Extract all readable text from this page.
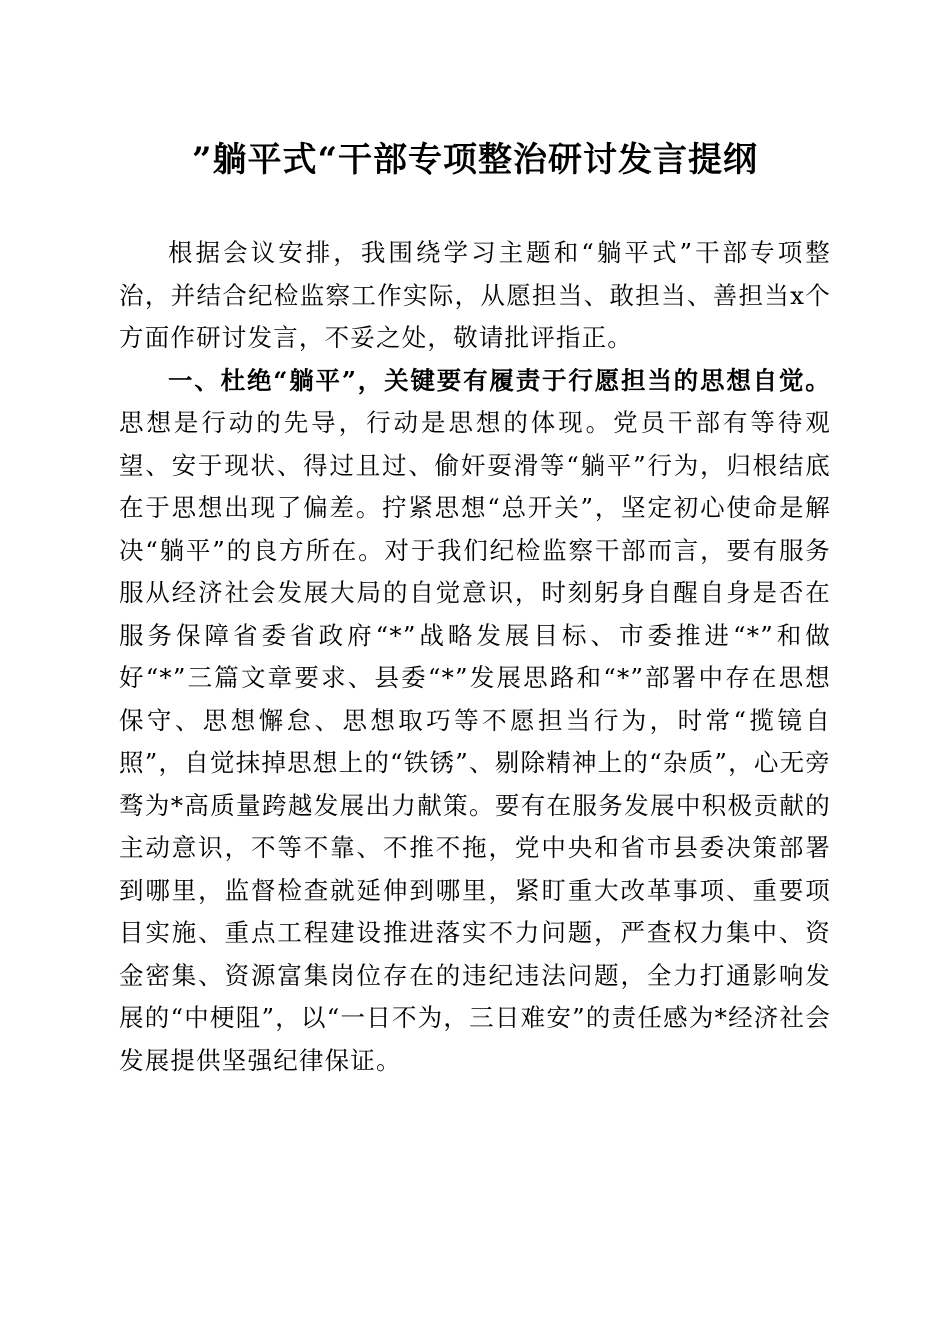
”躺平式“干部专项整治研讨发言提纲

根据会议安排，我围绕学习主题和“躺平式”干部专项整治，并结合纪检监察工作实际，从愿担当、敢担当、善担当x个方面作研讨发言，不妥之处，敬请批评指正。

一、杜绝“躺平”，关键要有履责于行愿担当的思想自觉。思想是行动的先导，行动是思想的体现。党员干部有等待观望、安于现状、得过且过、偷奸耍滑等“躺平”行为，归根结底在于思想出现了偏差。拧紧思想“总开关”，坚定初心使命是解决“躺平”的良方所在。对于我们纪检监察干部而言，要有服务服从经济社会发展大局的自觉意识，时刻躬身自醒自身是否在服务保障省委省政府“*”战略发展目标、市委推进“*”和做好“*”三篇文章要求、县委“*”发展思路和“*”部署中存在思想保守、思想懈怠、思想取巧等不愿担当行为，时常“揽镜自照”，自觉抹掉思想上的“铁锈”、剔除精神上的“杂质”，心无旁骛为*高质量跨越发展出力献策。要有在服务发展中积极贡献的主动意识，不等不靠、不推不拖，党中央和省市县委决策部署到哪里，监督检查就延伸到哪里，紧盯重大改革事项、重要项目实施、重点工程建设推进落实不力问题，严查权力集中、资金密集、资源富集岗位存在的违纪违法问题，全力打通影响发展的“中梗阻”，以“一日不为，三日难安”的责任感为*经济社会发展提供坚强纪律保证。
